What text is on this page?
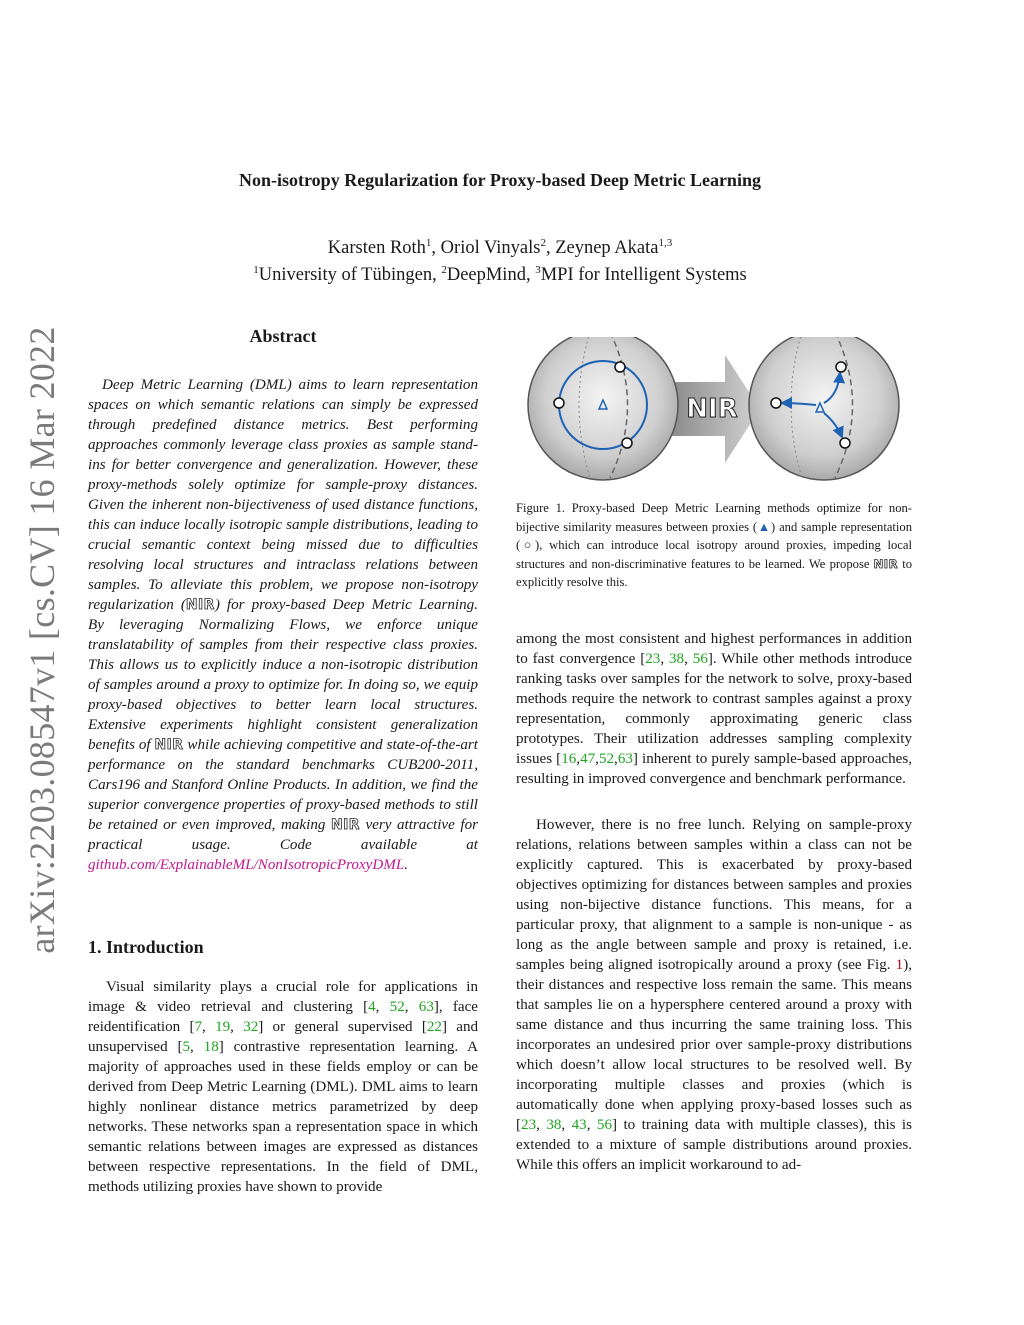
arXiv:2203.08547v1 [cs.CV] 16 Mar 2022
Non-isotropy Regularization for Proxy-based Deep Metric Learning
Karsten Roth$^1$, Oriol Vinyals$^2$, Zeynep Akata$^{1,3}$
$^1$University of Tübingen, $^2$DeepMind, $^3$MPI for Intelligent Systems
Abstract
Deep Metric Learning (DML) aims to learn representation spaces on which semantic relations can simply be expressed through predefined distance metrics. Best performing approaches commonly leverage class proxies as sample stand-ins for better convergence and generalization. However, these proxy-methods solely optimize for sample-proxy distances. Given the inherent non-bijectiveness of used distance functions, this can induce locally isotropic sample distributions, leading to crucial semantic context being missed due to difficulties resolving local structures and intraclass relations between samples. To alleviate this problem, we propose non-isotropy regularization (NIR) for proxy-based Deep Metric Learning. By leveraging Normalizing Flows, we enforce unique translatability of samples from their respective class proxies. This allows us to explicitly induce a non-isotropic distribution of samples around a proxy to optimize for. In doing so, we equip proxy-based objectives to better learn local structures. Extensive experiments highlight consistent generalization benefits of NIR while achieving competitive and state-of-the-art performance on the standard benchmarks CUB200-2011, Cars196 and Stanford Online Products. In addition, we find the superior convergence properties of proxy-based methods to still be retained or even improved, making NIR very attractive for practical usage. Code available at github.com/ExplainableML/NonIsotropicProxyDML.
1. Introduction
Visual similarity plays a crucial role for applications in image & video retrieval and clustering [4, 52, 63], face reidentification [7, 19, 32] or general supervised [22] and unsupervised [5, 18] contrastive representation learning. A majority of approaches used in these fields employ or can be derived from Deep Metric Learning (DML). DML aims to learn highly nonlinear distance metrics parametrized by deep networks. These networks span a representation space in which semantic relations between images are expressed as distances between respective representations. In the field of DML, methods utilizing proxies have shown to provide
NIR
Figure 1. Proxy-based Deep Metric Learning methods optimize for non-bijective similarity measures between proxies (▲) and sample representation (○), which can introduce local isotropy around proxies, impeding local structures and non-discriminative features to be learned. We propose NIR to explicitly resolve this.
among the most consistent and highest performances in addition to fast convergence [23, 38, 56]. While other methods introduce ranking tasks over samples for the network to solve, proxy-based methods require the network to contrast samples against a proxy representation, commonly approximating generic class prototypes. Their utilization addresses sampling complexity issues [16,47,52,63] inherent to purely sample-based approaches, resulting in improved convergence and benchmark performance.
However, there is no free lunch. Relying on sample-proxy relations, relations between samples within a class can not be explicitly captured. This is exacerbated by proxy-based objectives optimizing for distances between samples and proxies using non-bijective distance functions. This means, for a particular proxy, that alignment to a sample is non-unique - as long as the angle between sample and proxy is retained, i.e. samples being aligned isotropically around a proxy (see Fig. 1), their distances and respective loss remain the same. This means that samples lie on a hypersphere centered around a proxy with same distance and thus incurring the same training loss. This incorporates an undesired prior over sample-proxy distributions which doesn’t allow local structures to be resolved well. By incorporating multiple classes and proxies (which is automatically done when applying proxy-based losses such as [23, 38, 43, 56] to training data with multiple classes), this is extended to a mixture of sample distributions around proxies. While this offers an implicit workaround to ad-
